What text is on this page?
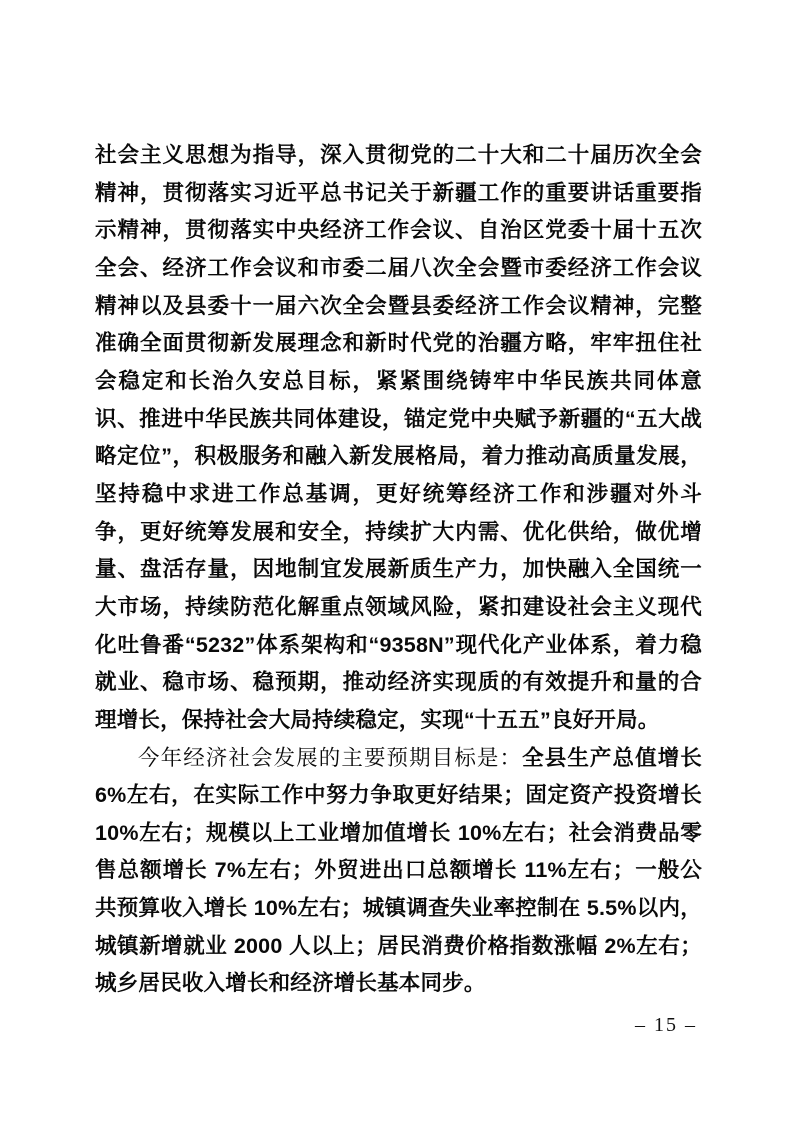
社会主义思想为指导，深入贯彻党的二十大和二十届历次全会精神，贯彻落实习近平总书记关于新疆工作的重要讲话重要指示精神，贯彻落实中央经济工作会议、自治区党委十届十五次全会、经济工作会议和市委二届八次全会暨市委经济工作会议精神以及县委十一届六次全会暨县委经济工作会议精神，完整准确全面贯彻新发展理念和新时代党的治疆方略，牢牢扭住社会稳定和长治久安总目标，紧紧围绕铸牢中华民族共同体意识、推进中华民族共同体建设，锚定党中央赋予新疆的“五大战略定位”，积极服务和融入新发展格局，着力推动高质量发展，坚持稳中求进工作总基调，更好统筹经济工作和涉疆对外斗争，更好统筹发展和安全，持续扩大内需、优化供给，做优增量、盘活存量，因地制宜发展新质生产力，加快融入全国统一大市场，持续防范化解重点领域风险，紧扣建设社会主义现代化吐鲁番“5232”体系架构和“9358N”现代化产业体系，着力稳就业、稳市场、稳预期，推动经济实现质的有效提升和量的合理增长，保持社会大局持续稳定，实现“十五五”良好开局。

今年经济社会发展的主要预期目标是：全县生产总值增长 6%左右，在实际工作中努力争取更好结果；固定资产投资增长 10%左右；规模以上工业增加值增长 10%左右；社会消费品零售总额增长 7%左右；外贸进出口总额增长 11%左右；一般公共预算收入增长 10%左右；城镇调查失业率控制在 5.5%以内，城镇新增就业 2000 人以上；居民消费价格指数涨幅 2%左右；城乡居民收入增长和经济增长基本同步。

– 15 –
